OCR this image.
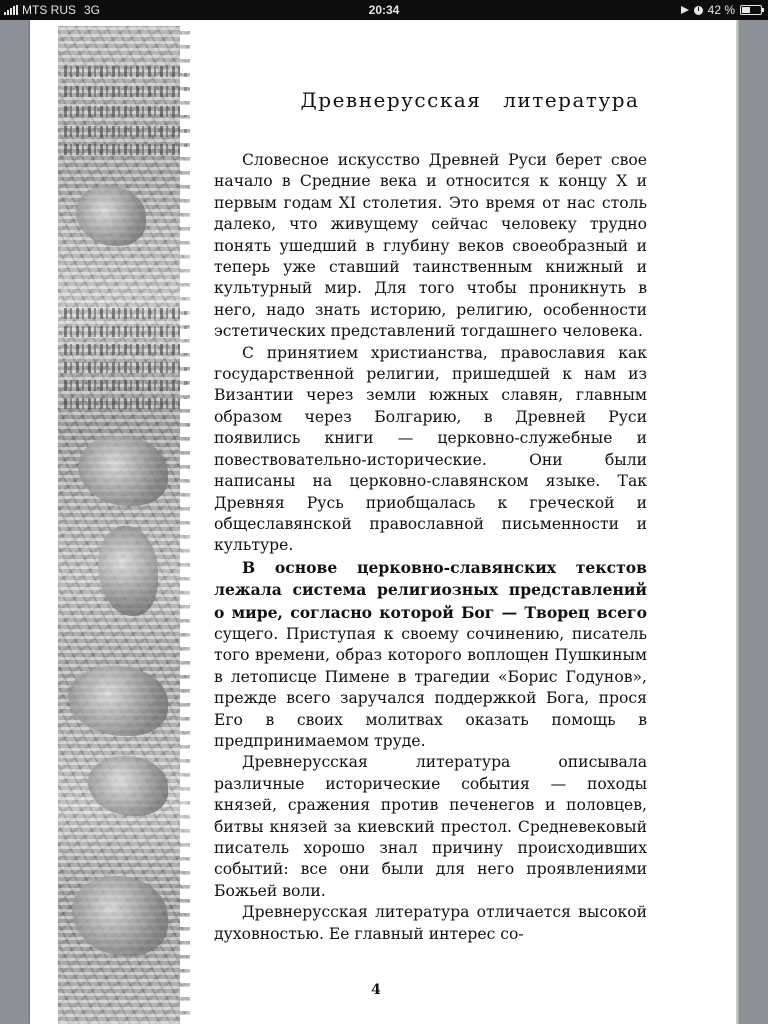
MTS RUS 3G	20:34	42 %
Древнерусская литература

Словесное искусство Древней Руси берет свое начало в Средние века и относится к концу X и первым годам XI столетия. Это время от нас столь далеко, что живущему сейчас человеку трудно понять ушедший в глубину веков своеобразный и теперь уже ставший таинственным книжный и культурный мир. Для того чтобы проникнуть в него, надо знать историю, религию, особенности эстетических представлений тогдашнего человека.

С принятием христианства, православия как государственной религии, пришедшей к нам из Византии через земли южных славян, главным образом через Болгарию, в Древней Руси появились книги — церковно-служебные и повествовательно-исторические. Они были написаны на церковно-славянском языке. Так Древняя Русь приобщалась к греческой и общеславянской православной письменности и культуре.

В основе церковно-славянских текстов лежала система религиозных представлений о мире, согласно которой Бог — Творец всего сущего. Приступая к своему сочинению, писатель того времени, образ которого воплощен Пушкиным в летописце Пимене в трагедии «Борис Годунов», прежде всего заручался поддержкой Бога, прося Его в своих молитвах оказать помощь в предпринимаемом труде.

Древнерусская литература описывала различные исторические события — походы князей, сражения против печенегов и половцев, битвы князей за киевский престол. Средневековый писатель хорошо знал причину происходивших событий: все они были для него проявлениями Божьей воли.

Древнерусская литература отличается высокой духовностью. Ее главный интерес со-

4
